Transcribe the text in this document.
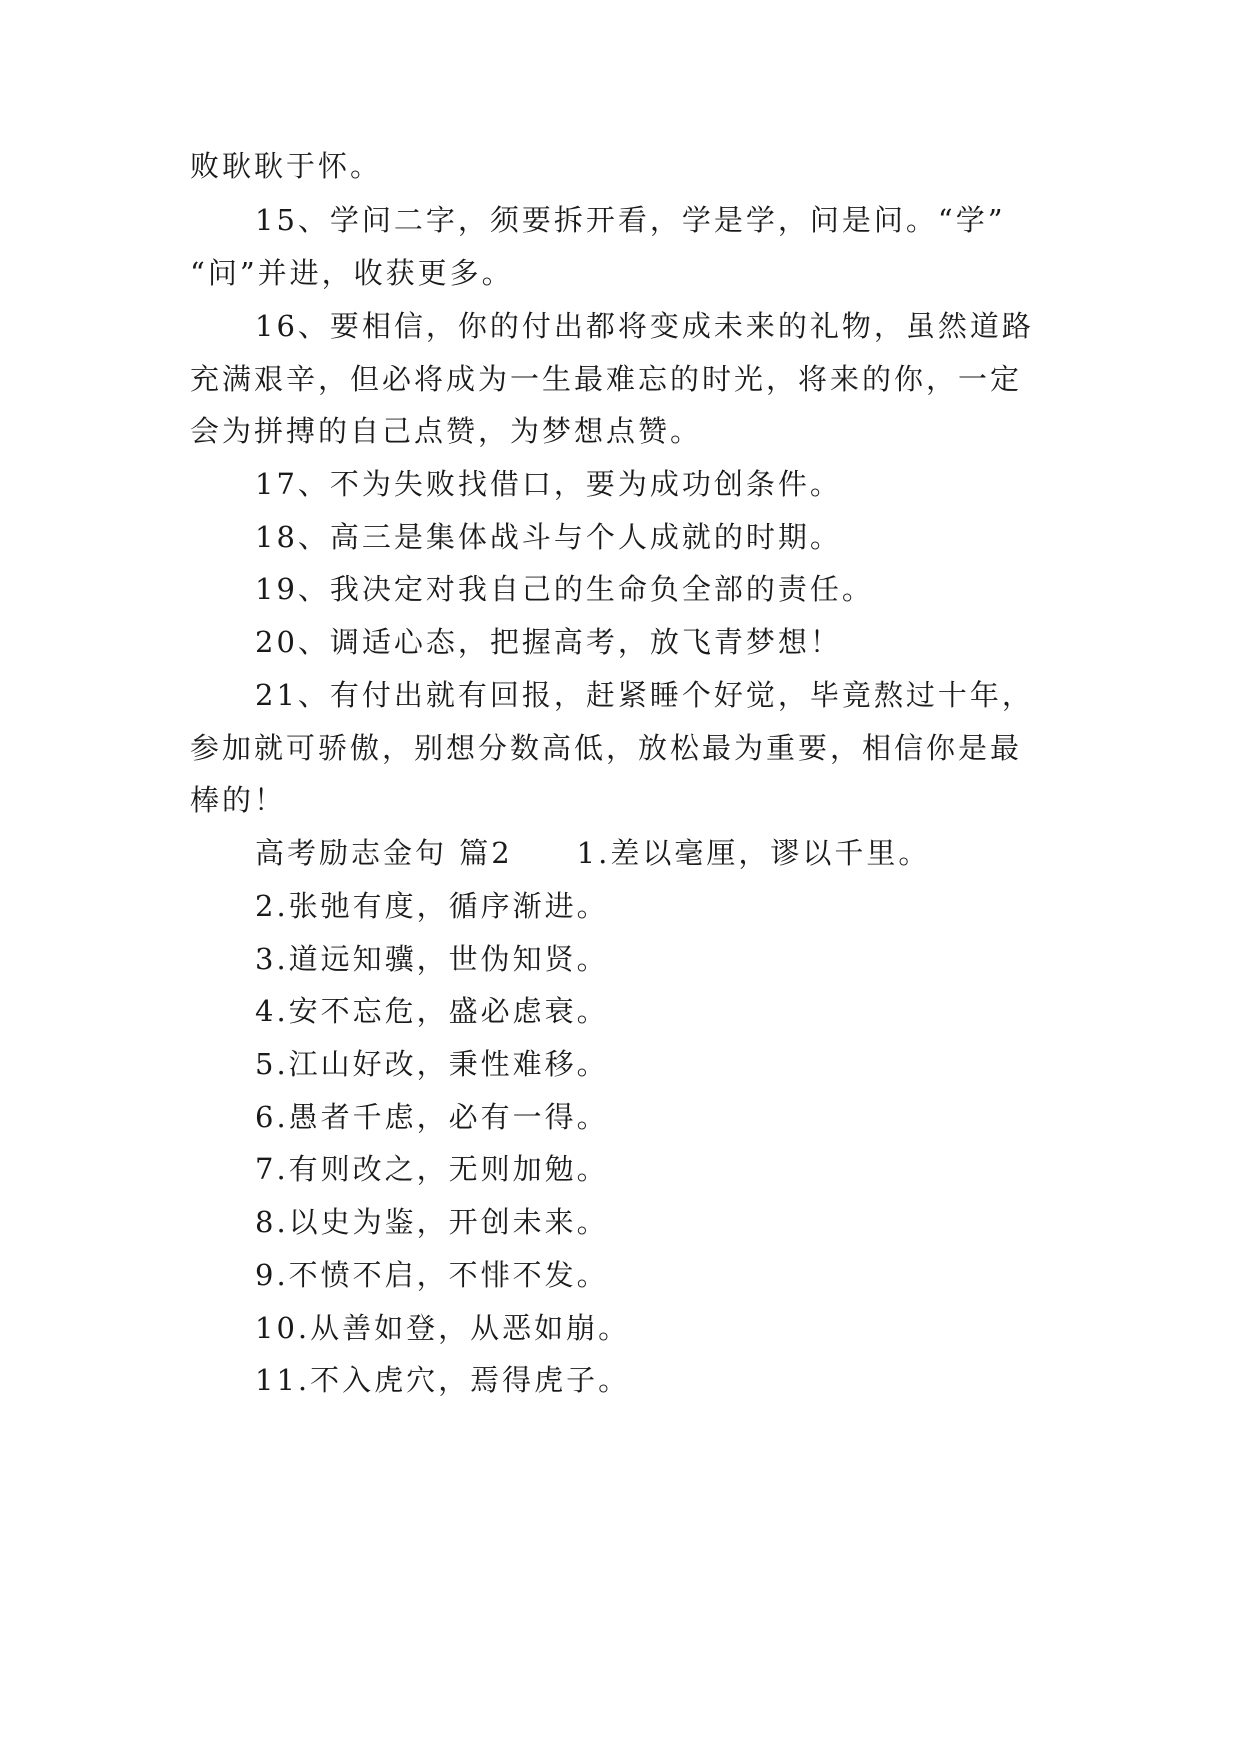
败耿耿于怀。
15、学问二字，须要拆开看，学是学，问是问。“学”
“问”并进，收获更多。
16、要相信，你的付出都将变成未来的礼物，虽然道路
充满艰辛，但必将成为一生最难忘的时光，将来的你，一定
会为拼搏的自己点赞，为梦想点赞。
17、不为失败找借口，要为成功创条件。
18、高三是集体战斗与个人成就的时期。
19、我决定对我自己的生命负全部的责任。
20、调适心态，把握高考，放飞青梦想！
21、有付出就有回报，赶紧睡个好觉，毕竟熬过十年，
参加就可骄傲，别想分数高低，放松最为重要，相信你是最
棒的！
高考励志金句 篇2　　1.差以毫厘，谬以千里。
2.张弛有度，循序渐进。
3.道远知骥，世伪知贤。
4.安不忘危，盛必虑衰。
5.江山好改，秉性难移。
6.愚者千虑，必有一得。
7.有则改之，无则加勉。
8.以史为鉴，开创未来。
9.不愤不启，不悱不发。
10.从善如登，从恶如崩。
11.不入虎穴，焉得虎子。
